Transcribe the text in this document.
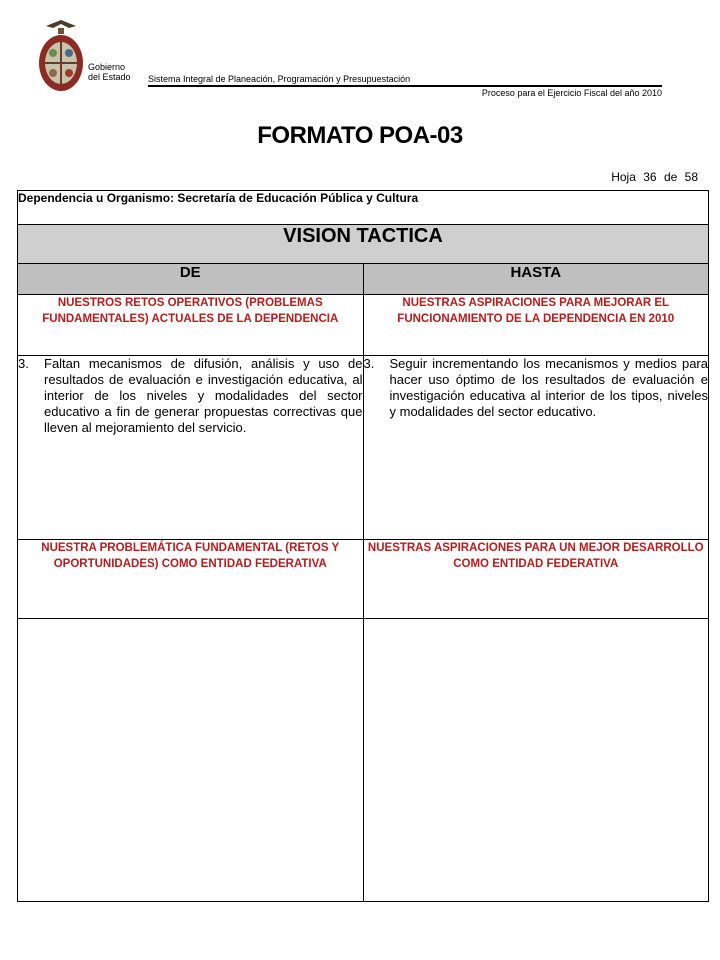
Gobierno
del Estado Sistema Integral de Planeación, Programación y Presupuestación
Proceso para el Ejercicio Fiscal del año 2010
FORMATO POA-03
Hoja 36 de 58
Dependencia u Organismo: Secretaría de Educación Pública y Cultura	
VISION TACTICA	
DE	HASTA
NUESTROS RETOS OPERATIVOS (PROBLEMAS FUNDAMENTALES) ACTUALES DE LA DEPENDENCIA	NUESTRAS ASPIRACIONES PARA MEJORAR EL FUNCIONAMIENTO DE LA DEPENDENCIA EN 2010

3. Faltan mecanismos de difusión, análisis y uso de resultados de evaluación e investigación educativa, al interior de los niveles y modalidades del sector educativo a fin de generar propuestas correctivas que lleven al mejoramiento del servicio.	3. Seguir incrementando los mecanismos y medios para hacer uso óptimo de los resultados de evaluación e investigación educativa al interior de los tipos, niveles y modalidades del sector educativo.

NUESTRA PROBLEMÁTICA FUNDAMENTAL (RETOS Y OPORTUNIDADES) COMO ENTIDAD FEDERATIVA	NUESTRAS ASPIRACIONES PARA UN MEJOR DESARROLLO COMO ENTIDAD FEDERATIVA
